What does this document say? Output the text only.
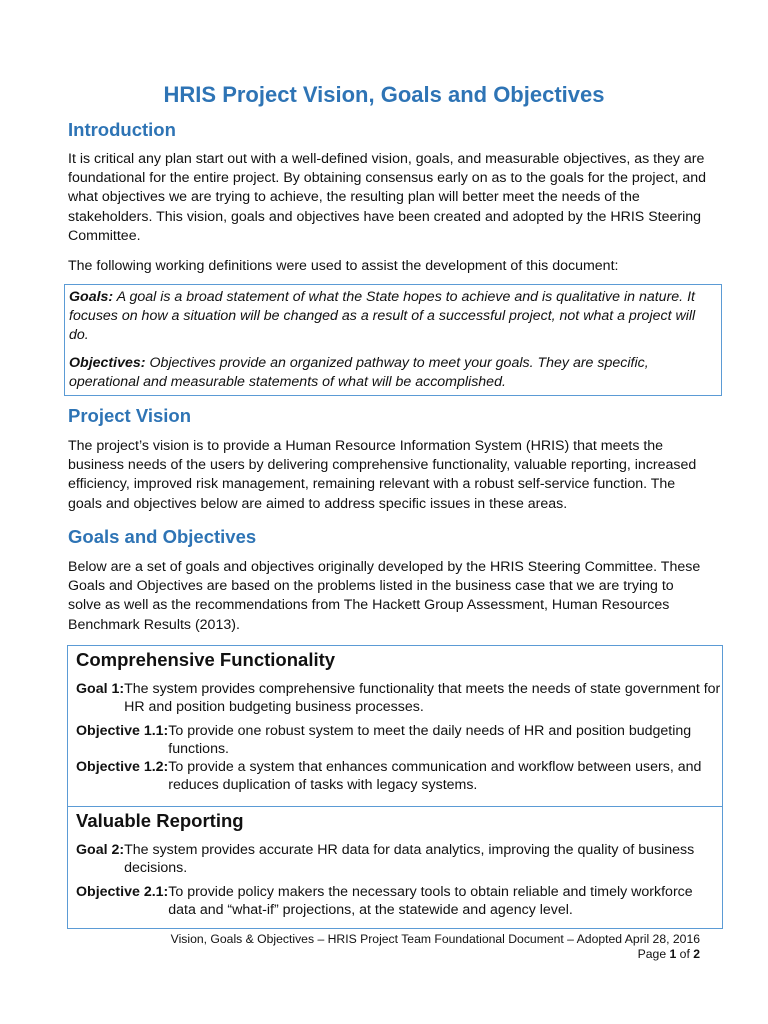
HRIS Project Vision, Goals and Objectives
Introduction

It is critical any plan start out with a well-defined vision, goals, and measurable objectives, as they are foundational for the entire project. By obtaining consensus early on as to the goals for the project, and what objectives we are trying to achieve, the resulting plan will better meet the needs of the stakeholders. This vision, goals and objectives have been created and adopted by the HRIS Steering Committee.

The following working definitions were used to assist the development of this document:

Goals: A goal is a broad statement of what the State hopes to achieve and is qualitative in nature. It focuses on how a situation will be changed as a result of a successful project, not what a project will do.

Objectives: Objectives provide an organized pathway to meet your goals. They are specific, operational and measurable statements of what will be accomplished.

Project Vision

The project’s vision is to provide a Human Resource Information System (HRIS) that meets the business needs of the users by delivering comprehensive functionality, valuable reporting, increased efficiency, improved risk management, remaining relevant with a robust self-service function. The goals and objectives below are aimed to address specific issues in these areas.

Goals and Objectives

Below are a set of goals and objectives originally developed by the HRIS Steering Committee. These Goals and Objectives are based on the problems listed in the business case that we are trying to solve as well as the recommendations from The Hackett Group Assessment, Human Resources Benchmark Results (2013).

Comprehensive Functionality
Goal 1: The system provides comprehensive functionality that meets the needs of state government for HR and position budgeting business processes.
Objective 1.1: To provide one robust system to meet the daily needs of HR and position budgeting functions.
Objective 1.2: To provide a system that enhances communication and workflow between users, and reduces duplication of tasks with legacy systems.
Valuable Reporting
Goal 2: The system provides accurate HR data for data analytics, improving the quality of business decisions.
Objective 2.1: To provide policy makers the necessary tools to obtain reliable and timely workforce data and “what-if” projections, at the statewide and agency level.
Vision, Goals & Objectives – HRIS Project Team Foundational Document – Adopted April 28, 2016
Page 1 of 2
